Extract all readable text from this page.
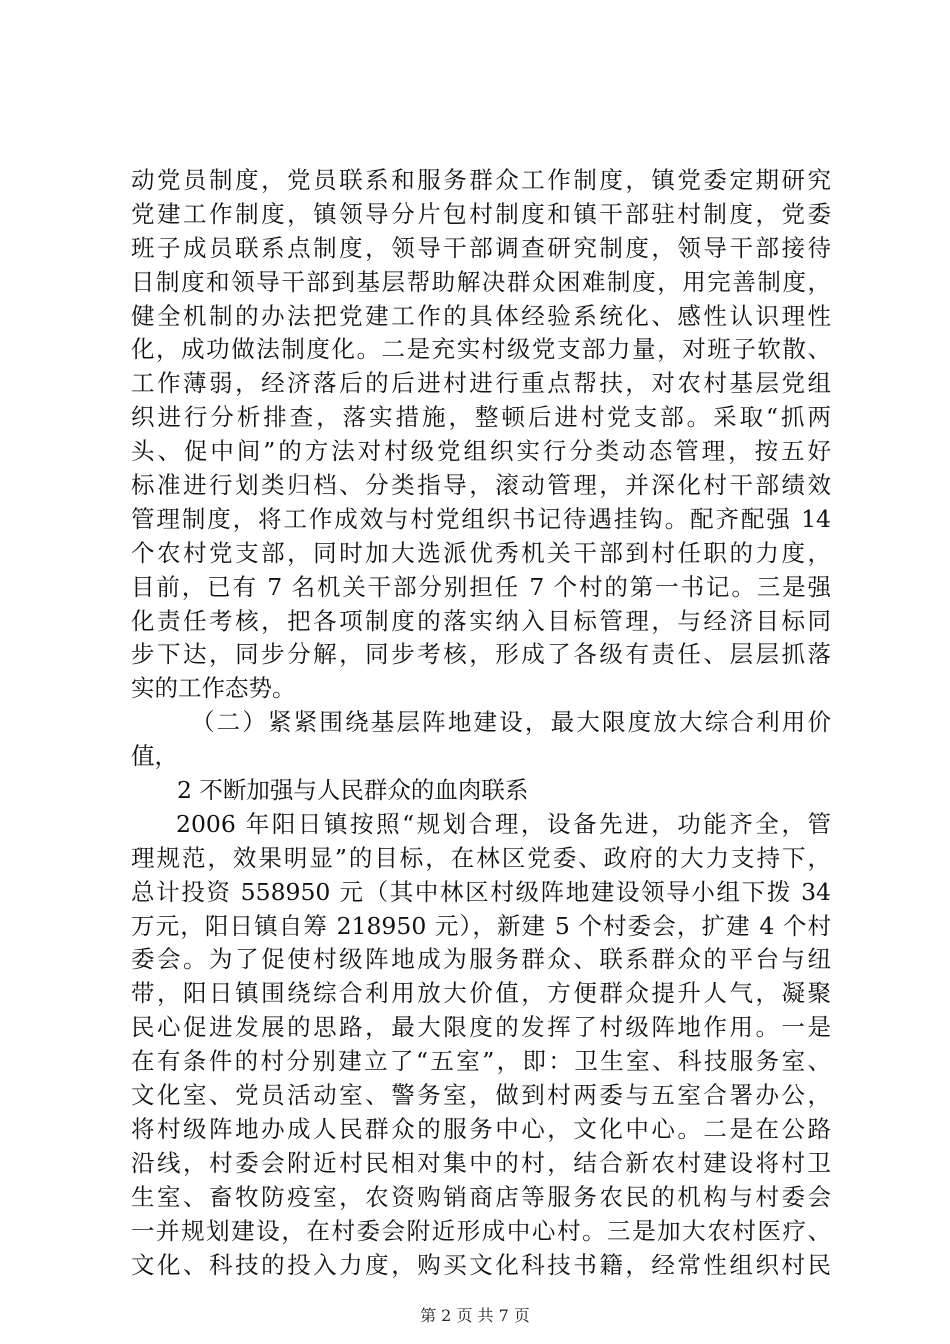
动党员制度，党员联系和服务群众工作制度，镇党委定期研究
党建工作制度，镇领导分片包村制度和镇干部驻村制度，党委
班子成员联系点制度，领导干部调查研究制度，领导干部接待
日制度和领导干部到基层帮助解决群众困难制度，用完善制度，
健全机制的办法把党建工作的具体经验系统化、感性认识理性
化，成功做法制度化。二是充实村级党支部力量，对班子软散、
工作薄弱，经济落后的后进村进行重点帮扶，对农村基层党组
织进行分析排查，落实措施，整顿后进村党支部。采取“抓两
头、促中间”的方法对村级党组织实行分类动态管理，按五好
标准进行划类归档、分类指导，滚动管理，并深化村干部绩效
管理制度，将工作成效与村党组织书记待遇挂钩。配齐配强 14
个农村党支部，同时加大选派优秀机关干部到村任职的力度，
目前，已有 7 名机关干部分别担任 7 个村的第一书记。三是强
化责任考核，把各项制度的落实纳入目标管理，与经济目标同
步下达，同步分解，同步考核，形成了各级有责任、层层抓落
实的工作态势。
（二）紧紧围绕基层阵地建设，最大限度放大综合利用价
值，
2 不断加强与人民群众的血肉联系
2006 年阳日镇按照“规划合理，设备先进，功能齐全，管
理规范，效果明显”的目标，在林区党委、政府的大力支持下，
总计投资 558950 元（其中林区村级阵地建设领导小组下拨 34
万元，阳日镇自筹 218950 元），新建 5 个村委会，扩建 4 个村
委会。为了促使村级阵地成为服务群众、联系群众的平台与纽
带，阳日镇围绕综合利用放大价值，方便群众提升人气，凝聚
民心促进发展的思路，最大限度的发挥了村级阵地作用。一是
在有条件的村分别建立了“五室”，即：卫生室、科技服务室、
文化室、党员活动室、警务室，做到村两委与五室合署办公，
将村级阵地办成人民群众的服务中心，文化中心。二是在公路
沿线，村委会附近村民相对集中的村，结合新农村建设将村卫
生室、畜牧防疫室，农资购销商店等服务农民的机构与村委会
一并规划建设，在村委会附近形成中心村。三是加大农村医疗、
文化、科技的投入力度，购买文化科技书籍，经常性组织村民
第 2 页 共 7 页
